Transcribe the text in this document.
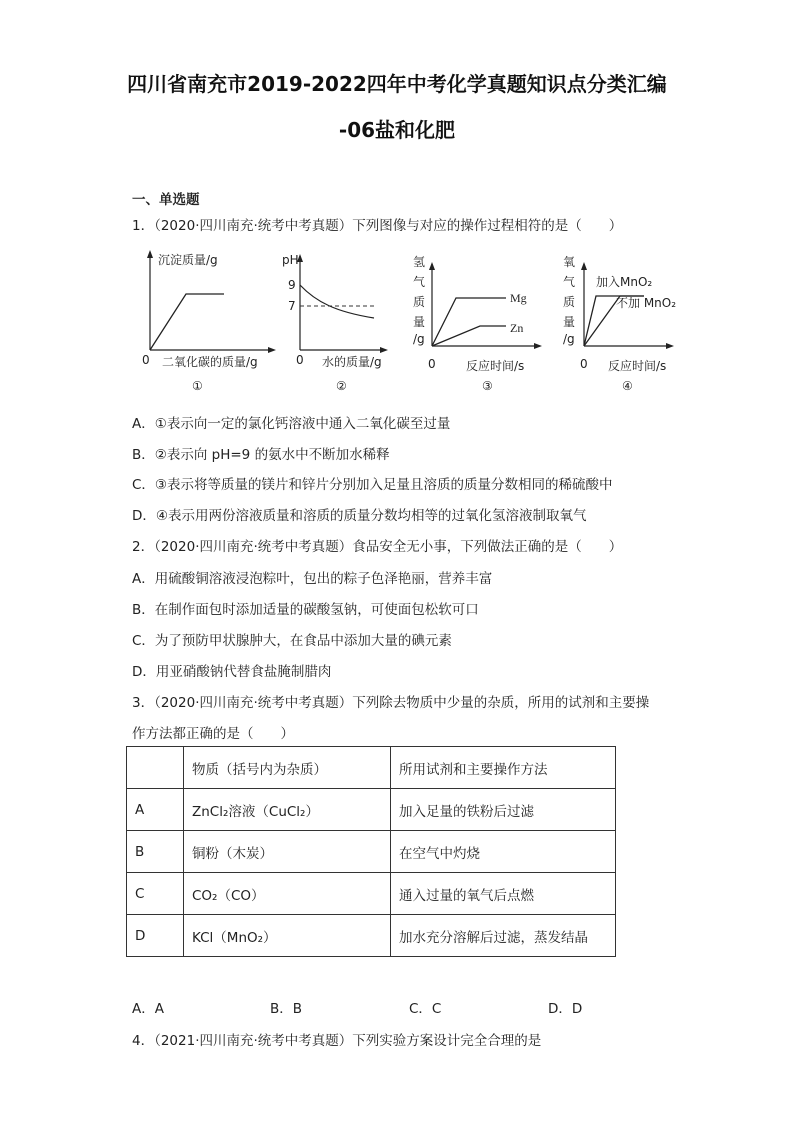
四川省南充市2019-2022四年中考化学真题知识点分类汇编
-06盐和化肥
一、单选题
1．（2020·四川南充·统考中考真题）下列图像与对应的操作过程相符的是（　　）
沉淀质量/g
0 二氧化碳的质量/g
①
pH
9
7
0 水的质量/g
②
氢
气
质
量
/g
Mg
Zn
0	反应时间/s
③
氧
气
质
量
/g
加入MnO₂
不加 MnO₂
0 反应时间/s
④
A．①表示向一定的氯化钙溶液中通入二氧化碳至过量
B．②表示向 pH=9 的氨水中不断加水稀释
C．③表示将等质量的镁片和锌片分别加入足量且溶质的质量分数相同的稀硫酸中
D．④表示用两份溶液质量和溶质的质量分数均相等的过氧化氢溶液制取氧气
2．（2020·四川南充·统考中考真题）食品安全无小事，下列做法正确的是（　　）
A．用硫酸铜溶液浸泡粽叶，包出的粽子色泽艳丽，营养丰富
B．在制作面包时添加适量的碳酸氢钠，可使面包松软可口
C．为了预防甲状腺肿大，在食品中添加大量的碘元素
D．用亚硝酸钠代替食盐腌制腊肉
3．（2020·四川南充·统考中考真题）下列除去物质中少量的杂质，所用的试剂和主要操
作方法都正确的是（　　）
	物质（括号内为杂质）	所用试剂和主要操作方法
A	ZnCl₂溶液（CuCl₂）	加入足量的铁粉后过滤
B	铜粉（木炭）	在空气中灼烧
C	CO₂（CO）	通入过量的氧气后点燃
D	KCl（MnO₂）	加水充分溶解后过滤，蒸发结晶
A．A	B．B	C．C	D．D
4．（2021·四川南充·统考中考真题）下列实验方案设计完全合理的是
